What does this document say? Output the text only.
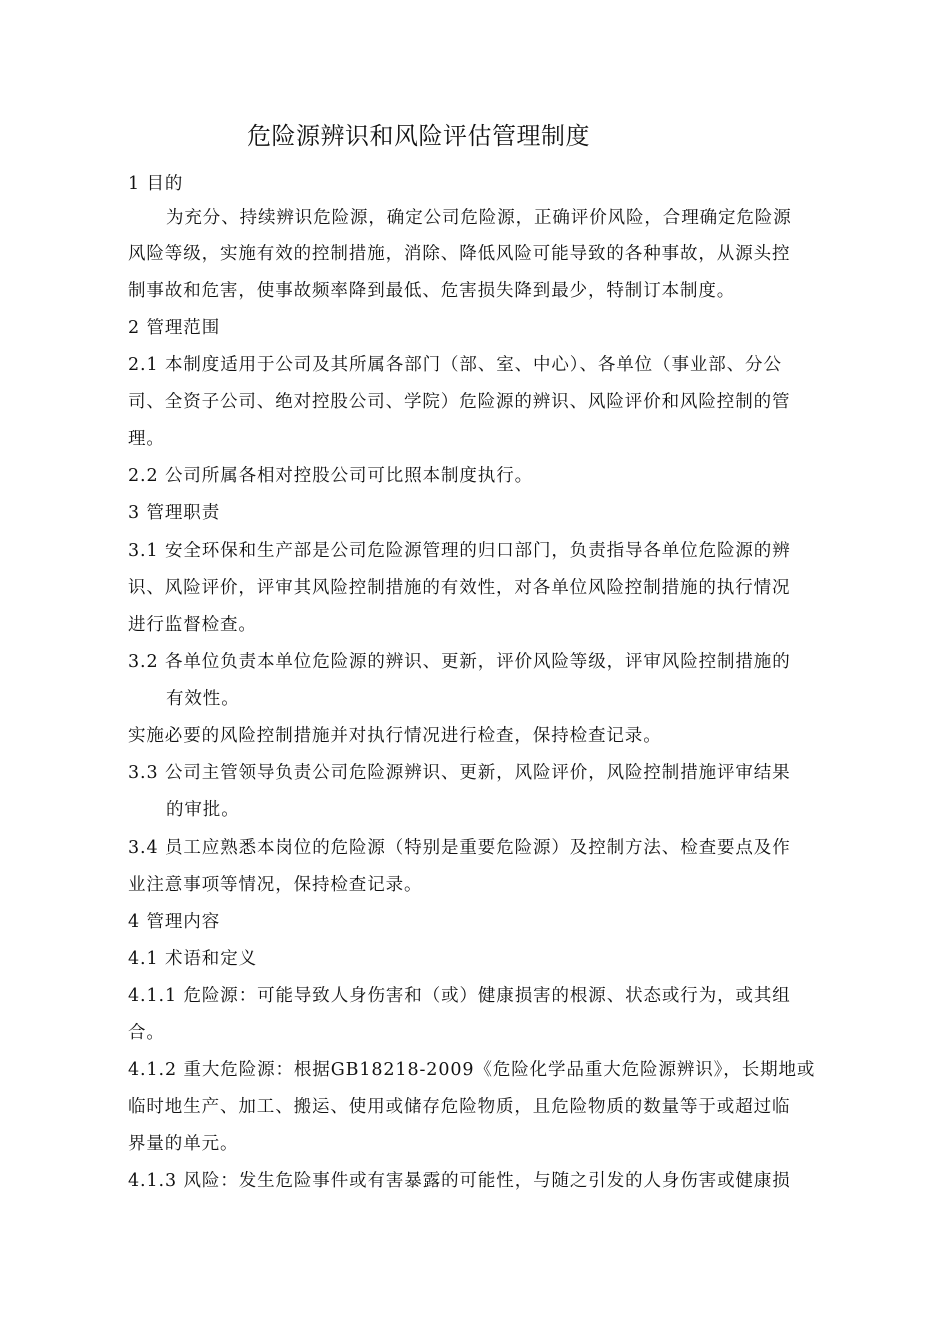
危险源辨识和风险评估管理制度
1 目的
为充分、持续辨识危险源，确定公司危险源，正确评价风险，合理确定危险源
风险等级，实施有效的控制措施，消除、降低风险可能导致的各种事故，从源头控
制事故和危害，使事故频率降到最低、危害损失降到最少，特制订本制度。
2 管理范围
2.1 本制度适用于公司及其所属各部门（部、室、中心）、各单位（事业部、分公
司、全资子公司、绝对控股公司、学院）危险源的辨识、风险评价和风险控制的管
理。
2.2 公司所属各相对控股公司可比照本制度执行。
3 管理职责
3.1 安全环保和生产部是公司危险源管理的归口部门，负责指导各单位危险源的辨
识、风险评价，评审其风险控制措施的有效性，对各单位风险控制措施的执行情况
进行监督检查。
3.2 各单位负责本单位危险源的辨识、更新，评价风险等级，评审风险控制措施的
有效性。
实施必要的风险控制措施并对执行情况进行检查，保持检查记录。
3.3 公司主管领导负责公司危险源辨识、更新，风险评价，风险控制措施评审结果
的审批。
3.4 员工应熟悉本岗位的危险源（特别是重要危险源）及控制方法、检查要点及作
业注意事项等情况，保持检查记录。
4 管理内容
4.1 术语和定义
4.1.1 危险源：可能导致人身伤害和（或）健康损害的根源、状态或行为，或其组
合。
4.1.2 重大危险源：根据GB18218-2009《危险化学品重大危险源辨识》，长期地或
临时地生产、加工、搬运、使用或储存危险物质，且危险物质的数量等于或超过临
界量的单元。
4.1.3 风险：发生危险事件或有害暴露的可能性，与随之引发的人身伤害或健康损
